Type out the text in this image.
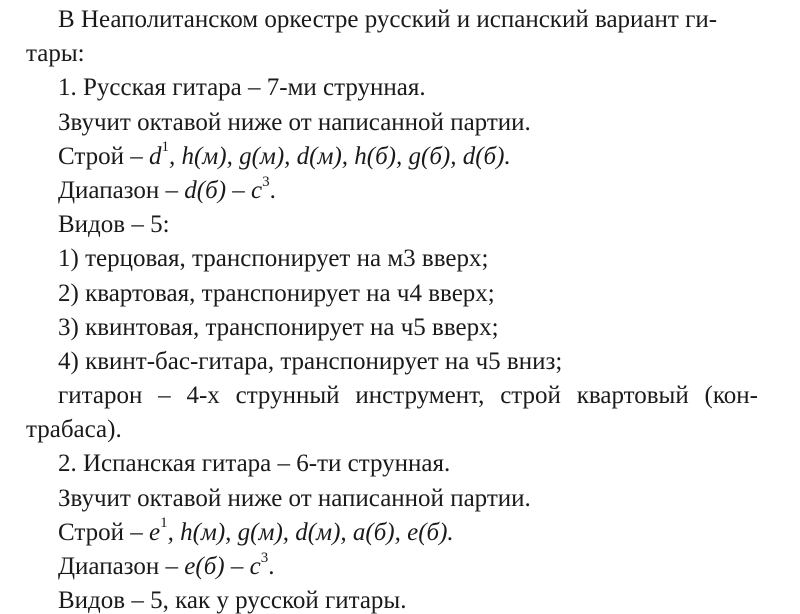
В Неаполитанском оркестре русский и испанский вариант ги-
тары:
1. Русская гитара – 7-ми струнная.
Звучит октавой ниже от написанной партии.
Строй – $d^1$, h(м), g(м), d(м), h(б), g(б), d(б).
Диапазон – $d(б) - c^3$.
Видов – 5:
1) терцовая, транспонирует на м3 вверх;
2) квартовая, транспонирует на ч4 вверх;
3) квинтовая, транспонирует на ч5 вверх;
4) квинт-бас-гитара, транспонирует на ч5 вниз;
гитарон – 4-х струнный инструмент, строй квартовый (кон-
трабаса).
2. Испанская гитара – 6-ти струнная.
Звучит октавой ниже от написанной партии.
Строй – $e^1$, h(м), g(м), d(м), a(б), e(б).
Диапазон – $e(б) - c^3$.
Видов – 5, как у русской гитары.
